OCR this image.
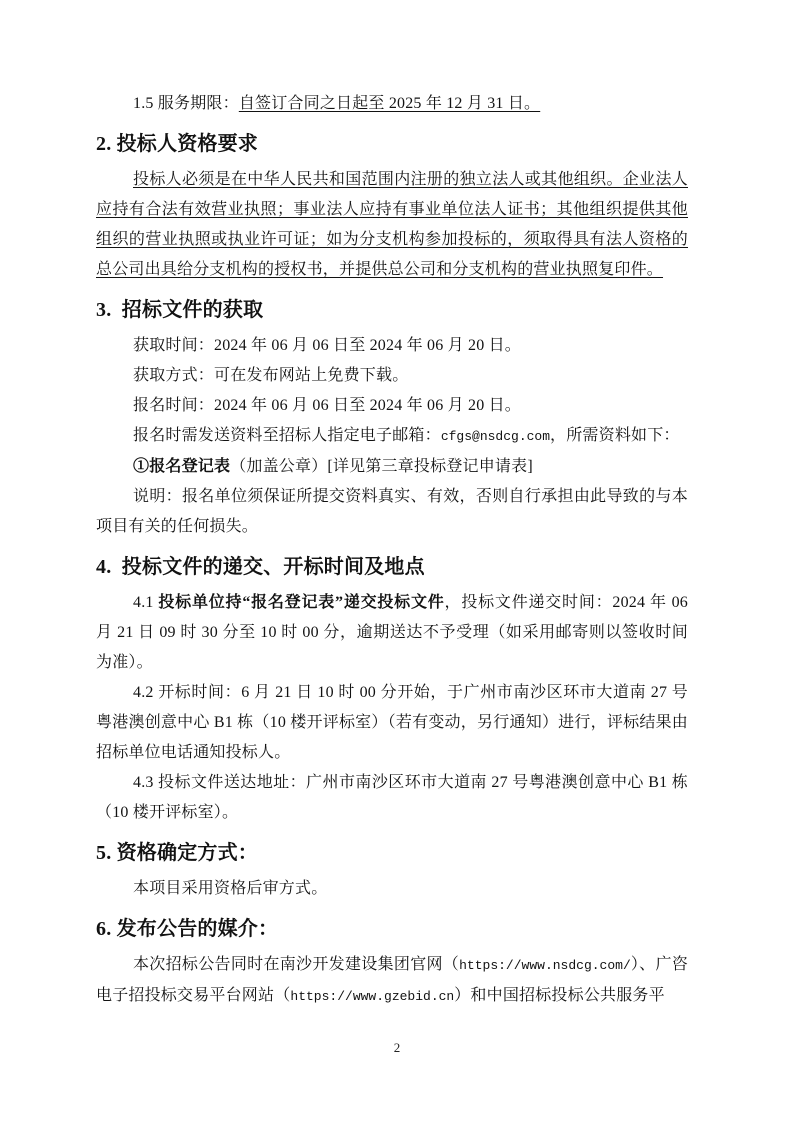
1.5 服务期限：自签订合同之日起至 2025 年 12 月 31 日。

2. 投标人资格要求

投标人必须是在中华人民共和国范围内注册的独立法人或其他组织。企业法人应持有合法有效营业执照；事业法人应持有事业单位法人证书；其他组织提供其他组织的营业执照或执业许可证；如为分支机构参加投标的，须取得具有法人资格的总公司出具给分支机构的授权书，并提供总公司和分支机构的营业执照复印件。

3.  招标文件的获取

获取时间：2024 年 06 月 06 日至 2024 年 06 月 20 日。

获取方式：可在发布网站上免费下载。

报名时间：2024 年 06 月 06 日至 2024 年 06 月 20 日。

报名时需发送资料至招标人指定电子邮箱：cfgs@nsdcg.com，所需资料如下：

①报名登记表（加盖公章）[详见第三章投标登记申请表]

说明：报名单位须保证所提交资料真实、有效，否则自行承担由此导致的与本项目有关的任何损失。

4.  投标文件的递交、开标时间及地点

4.1 投标单位持“报名登记表”递交投标文件，投标文件递交时间：2024 年 06 月 21 日 09 时 30 分至 10 时 00 分，逾期送达不予受理（如采用邮寄则以签收时间为准）。

4.2 开标时间：6 月 21 日 10 时 00 分开始，于广州市南沙区环市大道南 27 号粤港澳创意中心 B1 栋（10 楼开评标室）（若有变动，另行通知）进行，评标结果由招标单位电话通知投标人。

4.3 投标文件送达地址：广州市南沙区环市大道南 27 号粤港澳创意中心 B1 栋（10 楼开评标室）。

5. 资格确定方式：

本项目采用资格后审方式。

6. 发布公告的媒介：

本次招标公告同时在南沙开发建设集团官网（https://www.nsdcg.com/）、广咨电子招投标交易平台网站（https://www.gzebid.cn）和中国招标投标公共服务平

2
